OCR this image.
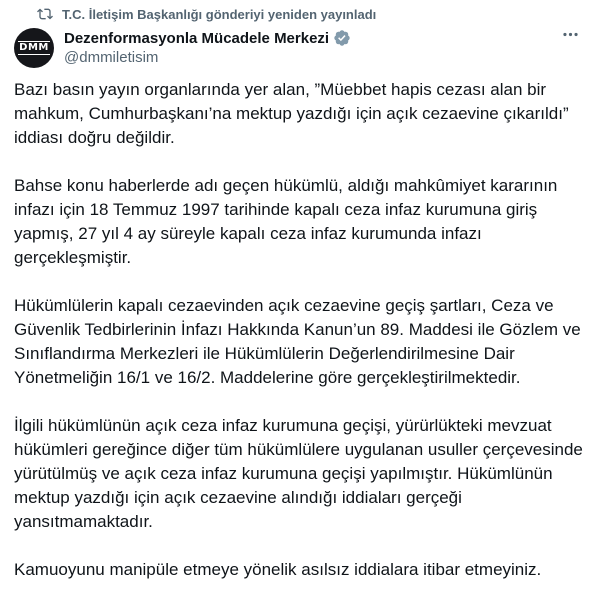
T.C. İletişim Başkanlığı gönderiyi yeniden yayınladı
DMM
Dezenformasyonla Mücadele Merkezi
@dmmiletisim

Bazı basın yayın organlarında yer alan, ”Müebbet hapis cezası alan bir mahkum, Cumhurbaşkanı’na mektup yazdığı için açık cezaevine çıkarıldı” iddiası doğru değildir.

Bahse konu haberlerde adı geçen hükümlü, aldığı mahkûmiyet kararının infazı için 18 Temmuz 1997 tarihinde kapalı ceza infaz kurumuna giriş yapmış, 27 yıl 4 ay süreyle kapalı ceza infaz kurumunda infazı gerçekleşmiştir.

Hükümlülerin kapalı cezaevinden açık cezaevine geçiş şartları, Ceza ve Güvenlik Tedbirlerinin İnfazı Hakkında Kanun’un 89. Maddesi ile Gözlem ve Sınıflandırma Merkezleri ile Hükümlülerin Değerlendirilmesine Dair Yönetmeliğin 16/1 ve 16/2. Maddelerine göre gerçekleştirilmektedir.

İlgili hükümlünün açık ceza infaz kurumuna geçişi, yürürlükteki mevzuat hükümleri gereğince diğer tüm hükümlülere uygulanan usuller çerçevesinde yürütülmüş ve açık ceza infaz kurumuna geçişi yapılmıştır. Hükümlünün mektup yazdığı için açık cezaevine alındığı iddiaları gerçeği yansıtmamaktadır.

Kamuoyunu manipüle etmeye yönelik asılsız iddialara itibar etmeyiniz.
